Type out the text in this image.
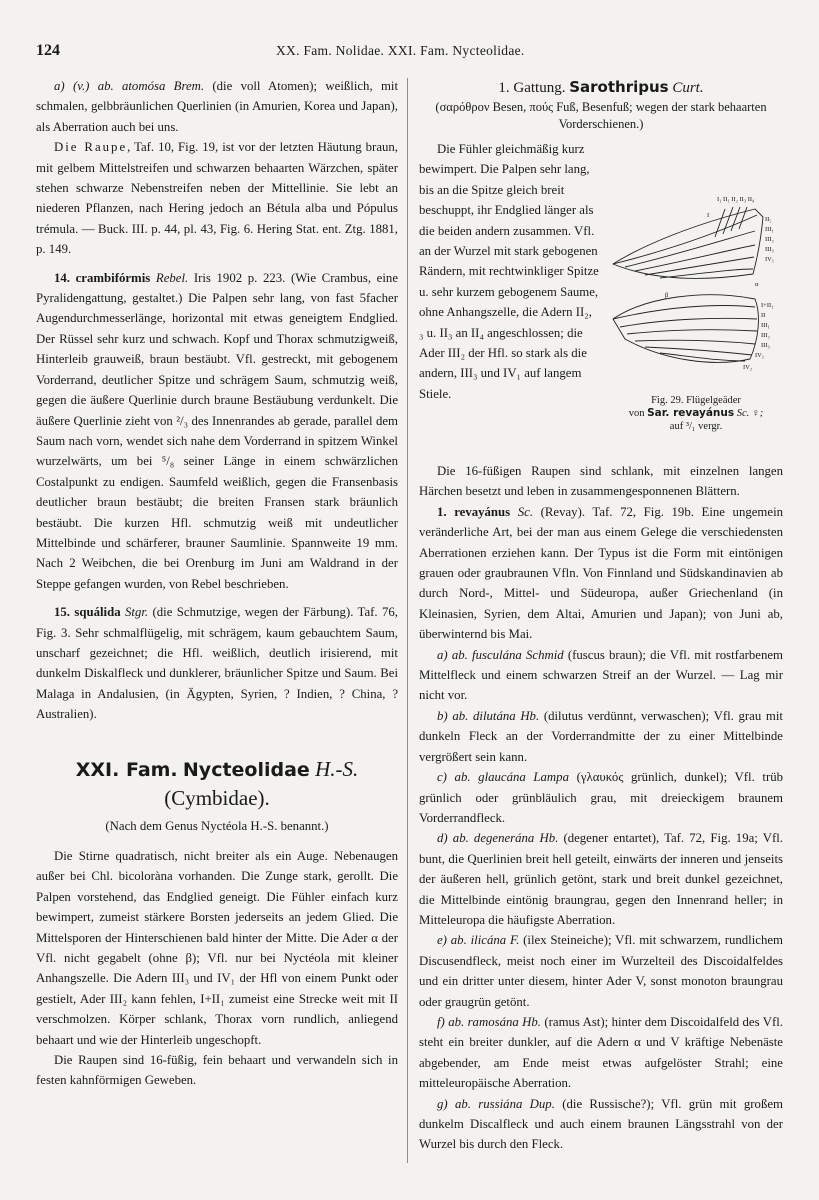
124	XX. Fam. Nolidae. XXI. Fam. Nycteolidae.

a) (v.) ab. atomósa Brem. (die voll Atomen); weißlich, mit schmalen, gelbbräunlichen Querlinien (in Amurien, Korea und Japan), als Aberration auch bei uns.

Die Raupe, Taf. 10, Fig. 19, ist vor der letzten Häutung braun, mit gelbem Mittelstreifen und schwarzen behaarten Wärzchen, später stehen schwarze Nebenstreifen neben der Mittellinie. Sie lebt an niederen Pflanzen, nach Hering jedoch an Bétula alba und Pópulus trémula. — Buck. III. p. 44, pl. 43, Fig. 6. Hering Stat. ent. Ztg. 1881, p. 149.

14. crambifórmis Rebel. Iris 1902 p. 223. (Wie Crambus, eine Pyralidengattung, gestaltet.) Die Palpen sehr lang, von fast 5facher Augendurchmesserlänge, horizontal mit etwas geneigtem Endglied. Der Rüssel sehr kurz und schwach. Kopf und Thorax schmutzigweiß, Hinterleib grauweiß, braun bestäubt. Vfl. gestreckt, mit gebogenem Vorderrand, deutlicher Spitze und schrägem Saum, schmutzig weiß, gegen die äußere Querlinie durch braune Bestäubung verdunkelt. Die äußere Querlinie zieht von ²/₃ des Innenrandes ab gerade, parallel dem Saum nach vorn, wendet sich nahe dem Vorderrand in spitzem Winkel wurzelwärts, um bei ⁵/₈ seiner Länge in einem schwärzlichen Costalpunkt zu endigen. Saumfeld weißlich, gegen die Fransenbasis deutlicher braun bestäubt; die breiten Fransen stark bräunlich bestäubt. Die kurzen Hfl. schmutzig weiß mit undeutlicher Mittelbinde und schärferer, brauner Saumlinie. Spannweite 19 mm. Nach 2 Weibchen, die bei Orenburg im Juni am Waldrand in der Steppe gefangen wurden, von Rebel beschrieben.

15. squálida Stgr. (die Schmutzige, wegen der Färbung). Taf. 76, Fig. 3. Sehr schmalflügelig, mit schrägem, kaum gebauchtem Saum, unscharf gezeichnet; die Hfl. weißlich, deutlich irisierend, mit dunkelm Diskalfleck und dunklerer, bräunlicher Spitze und Saum. Bei Malaga in Andalusien, (in Ägypten, Syrien, ? Indien, ? China, ? Australien).

XXI. Fam. Nycteolidae H.-S. (Cymbidae).

(Nach dem Genus Nyctéola H.-S. benannt.)

Die Stirne quadratisch, nicht breiter als ein Auge. Nebenaugen außer bei Chl. bicoloràna vorhanden. Die Zunge stark, gerollt. Die Palpen vorstehend, das Endglied geneigt. Die Fühler einfach kurz bewimpert, zumeist stärkere Borsten jederseits an jedem Glied. Die Mittelsporen der Hinterschienen bald hinter der Mitte. Die Ader α der Vfl. nicht gegabelt (ohne β); Vfl. nur bei Nyctéola mit kleiner Anhangszelle. Die Adern III₃ und IV₁ der Hfl von einem Punkt oder gestielt, Ader III₂ kann fehlen, I+II₁ zumeist eine Strecke weit mit II verschmolzen. Körper schlank, Thorax vorn rundlich, anliegend behaart und wie der Hinterleib ungeschopft.

Die Raupen sind 16-füßig, fein behaart und verwandeln sich in festen kahnförmigen Geweben.

1. Gattung. Sarothripus Curt.

(σαρόθρον Besen, πούς Fuß, Besenfuß; wegen der stark behaarten Vorderschienen.)

Die Fühler gleichmäßig kurz bewimpert. Die Palpen sehr lang, bis an die Spitze gleich breit beschuppt, ihr Endglied länger als die beiden andern zusammen. Vfl. an der Wurzel mit stark gebogenen Rändern, mit rechtwinkliger Spitze u. sehr kurzem gebogenem Saume, ohne Anhangszelle, die Adern II₂, ₃ u. II₃ an II₄ angeschlossen; die Ader III₂ der Hfl. so stark als die andern, III₃ und IV₁ auf langem Stiele.

I₁ II₁ II₂ II₃ II₄
I
II₅
III₁
III₂
III₃
IV₁
α
β
I+II₁
II
III₁
III₂
III₃
IV₁
IV₂
Fig. 29. Flügelgeäder
von Sar. revayánus Sc. ♀;
auf ³/₁ vergr.

Die 16-füßigen Raupen sind schlank, mit einzelnen langen Härchen besetzt und leben in zusammengesponnenen Blättern.

1. revayánus Sc. (Revay). Taf. 72, Fig. 19b. Eine ungemein veränderliche Art, bei der man aus einem Gelege die verschiedensten Aberrationen erziehen kann. Der Typus ist die Form mit eintönigen grauen oder graubraunen Vfln. Von Finnland und Südskandinavien ab durch Nord-, Mittel- und Südeuropa, außer Griechenland (in Kleinasien, Syrien, dem Altai, Amurien und Japan); von Juni ab, überwinternd bis Mai.

a) ab. fusculána Schmid (fuscus braun); die Vfl. mit rostfarbenem Mittelfleck und einem schwarzen Streif an der Wurzel. — Lag mir nicht vor.

b) ab. dilutána Hb. (dilutus verdünnt, verwaschen); Vfl. grau mit dunkeln Fleck an der Vorderrandmitte der zu einer Mittelbinde vergrößert sein kann.

c) ab. glaucána Lampa (γλαυκός grünlich, dunkel); Vfl. trüb grünlich oder grünbläulich grau, mit dreieckigem braunem Vorderrandfleck.

d) ab. degenerána Hb. (degener entartet), Taf. 72, Fig. 19a; Vfl. bunt, die Querlinien breit hell geteilt, einwärts der inneren und jenseits der äußeren hell, grünlich getönt, stark und breit dunkel gezeichnet, die Mittelbinde eintönig braungrau, gegen den Innenrand heller; in Mitteleuropa die häufigste Aberration.

e) ab. ilicána F. (ilex Steineiche); Vfl. mit schwarzem, rundlichem Discusendfleck, meist noch einer im Wurzelteil des Discoidalfeldes und ein dritter unter diesem, hinter Ader V, sonst monoton braungrau oder graugrün getönt.

f) ab. ramosána Hb. (ramus Ast); hinter dem Discoidalfeld des Vfl. steht ein breiter dunkler, auf die Adern α und V kräftige Nebenäste abgebender, am Ende meist etwas aufgelöster Strahl; eine mitteleuropäische Aberration.

g) ab. russiána Dup. (die Russische?); Vfl. grün mit großem dunkelm Discalfleck und auch einem braunen Längsstrahl von der Wurzel bis durch den Fleck.
